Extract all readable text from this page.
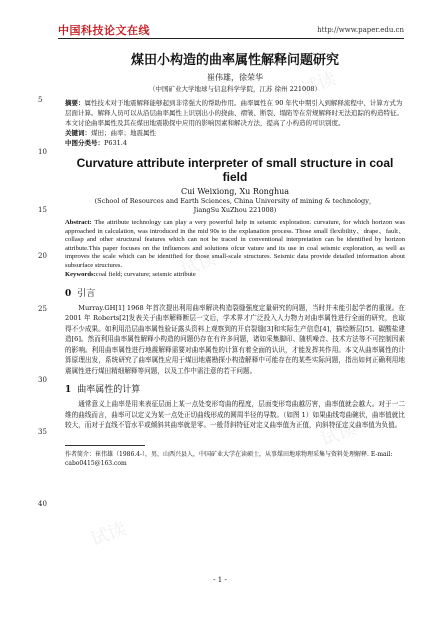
中国科技论文在线	http://www.paper.edu.cn
5
10
15
20
25
30
35
40
煤田小构造的曲率属性解释问题研究

崔伟雄，徐荣华

（中国矿业大学地球与信息科学学院，江苏 徐州 221008）

摘要：属性技术对于地震解释能够起到非常强大的帮助作用。曲率属性在 90 年代中期引入到解释流程中、计算方式为层面计算。解释人员可以从沿层曲率属性上识别出小的挠曲、褶皱、断裂、塌陷等在常规解释时无法追踪的构造特征。本文讨论曲率属性及其在煤田地震勘探中应用的影响因素和解决方法，提高了小构造的可识别度。

关键词：煤田；曲率；地震属性

中图分类号：P631.4

Curvature attribute interpreter of small structure in coal field

Cui Weixiong, Xu Ronghua

(School of Resources and Earth Sciences, China University of mining & technology，
JiangSu XuZhou 221008)

Abstract: The attribute technology can play a very powerful help in seismic exploration. curvature, for which horizon was approached in calculation, was introduced in the mid 90s to the explanation process. Those small flexibility、drape、fault、collasp and other structural features which can not be traced in conventional interpretation can be identified by horizon attribute.This paper focuses on the influences and solutions ofcur vature and its use in coal seismic exploration, as well as improves the scale which can be identified for those small-scale structures. Seismic data provide detailed information about subsurface structures.

Keywords:coal field; curvature; seismic attribute

0 引言

Murray.GH[1] 1968 年首次提出利用曲率解决构造裂缝强度定量研究的问题，当时并未能引起学者的重视。在 2001 年 Roberts[2]发表关于曲率解释断层一文后，学术界才广泛投入人力物力对曲率属性进行全面的研究，也取得不少成果。如利用沿层曲率属性验证露头资料上观察到的开启裂缝[3]和实际生产信息[4]，描绘断层[5]、碳酸盐建造[6]。然而利用曲率属性解释小构造的问题仍存在有许多问题，诸如采集脚印、随机噪音、技术方法等不可控制因素的影响。利用曲率属性进行地震解释需要对曲率属性的计算有着全面的认识，才能发挥其作用。本文从曲率属性的计算原理出发，系统研究了曲率属性应用于煤田地震勘探小构造解释中可能存在的某些实际问题，指出如何正确利用地震属性进行煤田精细解释等问题，以及工作中需注意的若干问题。

1 曲率属性的计算

通常意义上曲率是用来表征层面上某一点处变形弯曲的程度，层面变形弯曲越厉害，曲率值就会越大。对于一二维的曲线而言，曲率可以定义为某一点处正切曲线形成的圆周半径的导数。（如图 1）如果曲线弯曲碗状，曲率值就比较大，而对于直线不管水平或倾斜其曲率就是零。一般背斜特征对定义曲率值为正值，向斜特征定义曲率值为负值。

作者简介：崔伟雄（1986.4-），男，山西兴县人，中国矿业大学在读硕士，从事煤田地球物理采集与资料处理解释. E-mail: cabo0415@163.com

- 1 -
试读
试读
试读
试读
